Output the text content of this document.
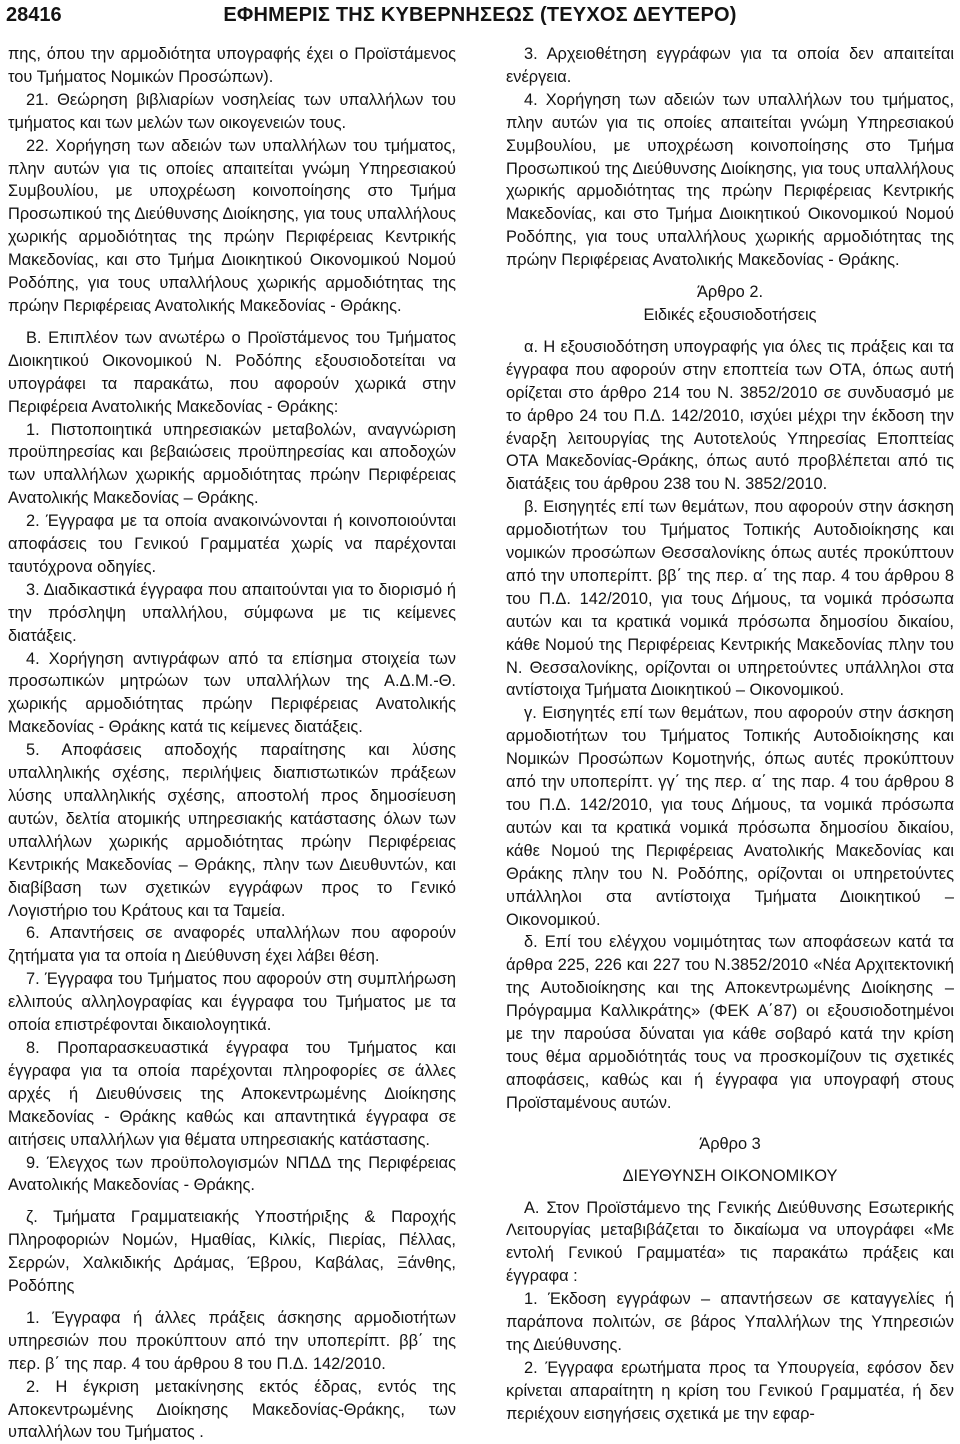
28416	ΕΦΗΜΕΡΙΣ ΤΗΣ ΚΥΒΕΡΝΗΣΕΩΣ (ΤΕΥΧΟΣ ΔΕΥΤΕΡΟ)

πης, όπου την αρμοδιότητα υπογραφής έχει ο Προϊστάμενος του Τμήματος Νομικών Προσώπων).

21. Θεώρηση βιβλιαρίων νοσηλείας των υπαλλήλων του τμήματος και των μελών των οικογενειών τους.

22. Χορήγηση των αδειών των υπαλλήλων του τμήματος, πλην αυτών για τις οποίες απαιτείται γνώμη Υπηρεσιακού Συμβουλίου, με υποχρέωση κοινοποίησης στο Τμήμα Προσωπικού της Διεύθυνσης Διοίκησης, για τους υπαλλήλους χωρικής αρμοδιότητας της πρώην Περιφέρειας Κεντρικής Μακεδονίας, και στο Τμήμα Διοικητικού Οικονομικού Νομού Ροδόπης, για τους υπαλλήλους χωρικής αρμοδιότητας της πρώην Περιφέρειας Ανατολικής Μακεδονίας - Θράκης.

Β. Επιπλέον των ανωτέρω ο Προϊστάμενος του Τμήματος Διοικητικού Οικονομικού Ν. Ροδόπης εξουσιοδοτείται να υπογράφει τα παρακάτω, που αφορούν χωρικά στην Περιφέρεια Ανατολικής Μακεδονίας - Θράκης:

1. Πιστοποιητικά υπηρεσιακών μεταβολών, αναγνώριση προϋπηρεσίας και βεβαιώσεις προϋπηρεσίας και αποδοχών των υπαλλήλων χωρικής αρμοδιότητας πρώην Περιφέρειας Ανατολικής Μακεδονίας – Θράκης.

2. Έγγραφα με τα οποία ανακοινώνονται ή κοινοποιούνται αποφάσεις του Γενικού Γραμματέα χωρίς να παρέχονται ταυτόχρονα οδηγίες.

3. Διαδικαστικά έγγραφα που απαιτούνται για το διορισμό ή την πρόσληψη υπαλλήλου, σύμφωνα με τις κείμενες διατάξεις.

4. Χορήγηση αντιγράφων από τα επίσημα στοιχεία των προσωπικών μητρώων των υπαλλήλων της Α.Δ.Μ.-Θ. χωρικής αρμοδιότητας πρώην Περιφέρειας Ανατολικής Μακεδονίας - Θράκης κατά τις κείμενες διατάξεις.

5. Αποφάσεις αποδοχής παραίτησης και λύσης υπαλληλικής σχέσης, περιλήψεις διαπιστωτικών πράξεων λύσης υπαλληλικής σχέσης, αποστολή προς δημοσίευση αυτών, δελτία ατομικής υπηρεσιακής κατάστασης όλων των υπαλλήλων χωρικής αρμοδιότητας πρώην Περιφέρειας Κεντρικής Μακεδονίας – Θράκης, πλην των Διευθυντών, και διαβίβαση των σχετικών εγγράφων προς το Γενικό Λογιστήριο του Κράτους και τα Ταμεία.

6. Απαντήσεις σε αναφορές υπαλλήλων που αφορούν ζητήματα για τα οποία η Διεύθυνση έχει λάβει θέση.

7. Έγγραφα του Τμήματος που αφορούν στη συμπλήρωση ελλιπούς αλληλογραφίας και έγγραφα του Τμήματος με τα οποία επιστρέφονται δικαιολογητικά.

8. Προπαρασκευαστικά έγγραφα του Τμήματος και έγγραφα για τα οποία παρέχονται πληροφορίες σε άλλες αρχές ή Διευθύνσεις της Αποκεντρωμένης Διοίκησης Μακεδονίας - Θράκης καθώς και απαντητικά έγγραφα σε αιτήσεις υπαλλήλων για θέματα υπηρεσιακής κατάστασης.

9. Έλεγχος των προϋπολογισμών ΝΠΔΔ της Περιφέρειας Ανατολικής Μακεδονίας - Θράκης.

ζ. Τμήματα Γραμματειακής Υποστήριξης & Παροχής Πληροφοριών Νομών, Ημαθίας, Κιλκίς, Πιερίας, Πέλλας, Σερρών, Χαλκιδικής Δράμας, Έβρου, Καβάλας, Ξάνθης, Ροδόπης

1. Έγγραφα ή άλλες πράξεις άσκησης αρμοδιοτήτων υπηρεσιών που προκύπτουν από την υποπερίπτ. ββ΄ της περ. β΄ της παρ. 4 του άρθρου 8 του Π.Δ. 142/2010.

2. Η έγκριση μετακίνησης εκτός έδρας, εντός της Αποκεντρωμένης Διοίκησης Μακεδονίας-Θράκης, των υπαλλήλων του Τμήματος .

3. Αρχειοθέτηση εγγράφων για τα οποία δεν απαιτείται ενέργεια.

4. Χορήγηση των αδειών των υπαλλήλων του τμήματος, πλην αυτών για τις οποίες απαιτείται γνώμη Υπηρεσιακού Συμβουλίου, με υποχρέωση κοινοποίησης στο Τμήμα Προσωπικού της Διεύθυνσης Διοίκησης, για τους υπαλλήλους χωρικής αρμοδιότητας της πρώην Περιφέρειας Κεντρικής Μακεδονίας, και στο Τμήμα Διοικητικού Οικονομικού Νομού Ροδόπης, για τους υπαλλήλους χωρικής αρμοδιότητας της πρώην Περιφέρειας Ανατολικής Μακεδονίας - Θράκης.

Άρθρο 2.

Ειδικές εξουσιοδοτήσεις

α. Η εξουσιοδότηση υπογραφής για όλες τις πράξεις και τα έγγραφα που αφορούν στην εποπτεία των ΟΤΑ, όπως αυτή ορίζεται στο άρθρο 214 του Ν. 3852/2010 σε συνδυασμό με το άρθρο 24 του Π.Δ. 142/2010, ισχύει μέχρι την έκδοση την έναρξη λειτουργίας της Αυτοτελούς Υπηρεσίας Εποπτείας ΟΤΑ Μακεδονίας-Θράκης, όπως αυτό προβλέπεται από τις διατάξεις του άρθρου 238 του Ν. 3852/2010.

β. Εισηγητές επί των θεμάτων, που αφορούν στην άσκηση αρμοδιοτήτων του Τμήματος Τοπικής Αυτοδιοίκησης και νομικών προσώπων Θεσσαλονίκης όπως αυτές προκύπτουν από την υποπερίπτ. ββ΄ της περ. α΄ της παρ. 4 του άρθρου 8 του Π.Δ. 142/2010, για τους Δήμους, τα νομικά πρόσωπα αυτών και τα κρατικά νομικά πρόσωπα δημοσίου δικαίου, κάθε Νομού της Περιφέρειας Κεντρικής Μακεδονίας πλην του Ν. Θεσσαλονίκης, ορίζονται οι υπηρετούντες υπάλληλοι στα αντίστοιχα Τμήματα Διοικητικού – Οικονομικού.

γ. Εισηγητές επί των θεμάτων, που αφορούν στην άσκηση αρμοδιοτήτων του Τμήματος Τοπικής Αυτοδιοίκησης και Νομικών Προσώπων Κομοτηνής, όπως αυτές προκύπτουν από την υποπερίπτ. γγ΄ της περ. α΄ της παρ. 4 του άρθρου 8 του Π.Δ. 142/2010, για τους Δήμους, τα νομικά πρόσωπα αυτών και τα κρατικά νομικά πρόσωπα δημοσίου δικαίου, κάθε Νομού της Περιφέρειας Ανατολικής Μακεδονίας και Θράκης πλην του Ν. Ροδόπης, ορίζονται οι υπηρετούντες υπάλληλοι στα αντίστοιχα Τμήματα Διοικητικού – Οικονομικού.

δ. Επί του ελέγχου νομιμότητας των αποφάσεων κατά τα άρθρα 225, 226 και 227 του Ν.3852/2010 «Νέα Αρχιτεκτονική της Αυτοδιοίκησης και της Αποκεντρωμένης Διοίκησης –Πρόγραμμα Καλλικράτης» (ΦΕΚ Α΄87) οι εξουσιοδοτημένοι με την παρούσα δύναται για κάθε σοβαρό κατά την κρίση τους θέμα αρμοδιότητάς τους να προσκομίζουν τις σχετικές αποφάσεις, καθώς και ή έγγραφα για υπογραφή στους Προϊσταμένους αυτών.

Άρθρο 3

ΔΙΕΥΘΥΝΣΗ ΟΙΚΟΝΟΜΙΚΟΥ

Α. Στον Προϊστάμενο της Γενικής Διεύθυνσης Εσωτερικής Λειτουργίας μεταβιβάζεται το δικαίωμα να υπογράφει «Με εντολή Γενικού Γραμματέα» τις παρακάτω πράξεις και έγγραφα :

1. Έκδοση εγγράφων – απαντήσεων σε καταγγελίες ή παράπονα πολιτών, σε βάρος Υπαλλήλων της Υπηρεσιών της Διεύθυνσης.

2. Έγγραφα ερωτήματα προς τα Υπουργεία, εφόσον δεν κρίνεται απαραίτητη η κρίση του Γενικού Γραμματέα, ή δεν περιέχουν εισηγήσεις σχετικά με την εφαρ-
